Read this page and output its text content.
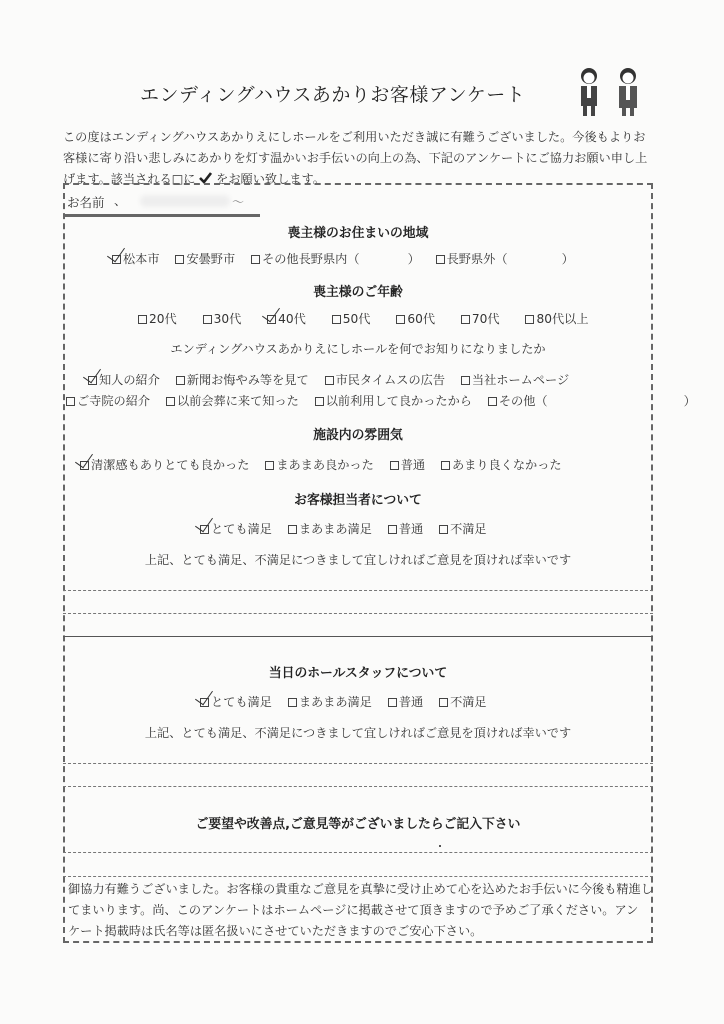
エンディングハウスあかりお客様アンケート

この度はエンディングハウスあかりえにしホールをご利用いただき誠に有難うございました。今後もよりお
客様に寄り沿い悲しみにあかりを灯す温かいお手伝いの向上の為、下記のアンケートにご協力お願い申し上
げます。該当される□に をお願い致します。
お名前 、	～
喪主様のお住まいの地域
松本市 安曇野市 その他長野県内（	） 長野県外（	）
喪主様のご年齢
20代	30代	40代	50代	60代	70代	80代以上
エンディングハウスあかりえにしホールを何でお知りになりましたか
知人の紹介 新聞お悔やみ等を見て 市民タイムスの広告 当社ホームページ
ご寺院の紹介 以前会葬に来て知った 以前利用して良かったから その他（	）
施設内の雰囲気
清潔感もありとても良かった まあまあ良かった 普通 あまり良くなかった
お客様担当者について
とても満足 まあまあ満足 普通 不満足
上記、とても満足、不満足につきまして宜しければご意見を頂ければ幸いです
当日のホールスタッフについて
とても満足 まあまあ満足 普通 不満足
上記、とても満足、不満足につきまして宜しければご意見を頂ければ幸いです
ご要望や改善点,ご意見等がございましたらご記入下さい
御協力有難うございました。お客様の貴重なご意見を真摯に受け止めて心を込めたお手伝いに今後も精進し
てまいります。尚、このアンケートはホームページに掲載させて頂きますので予めご了承ください。アン
ケート掲載時は氏名等は匿名扱いにさせていただきますのでご安心下さい。
